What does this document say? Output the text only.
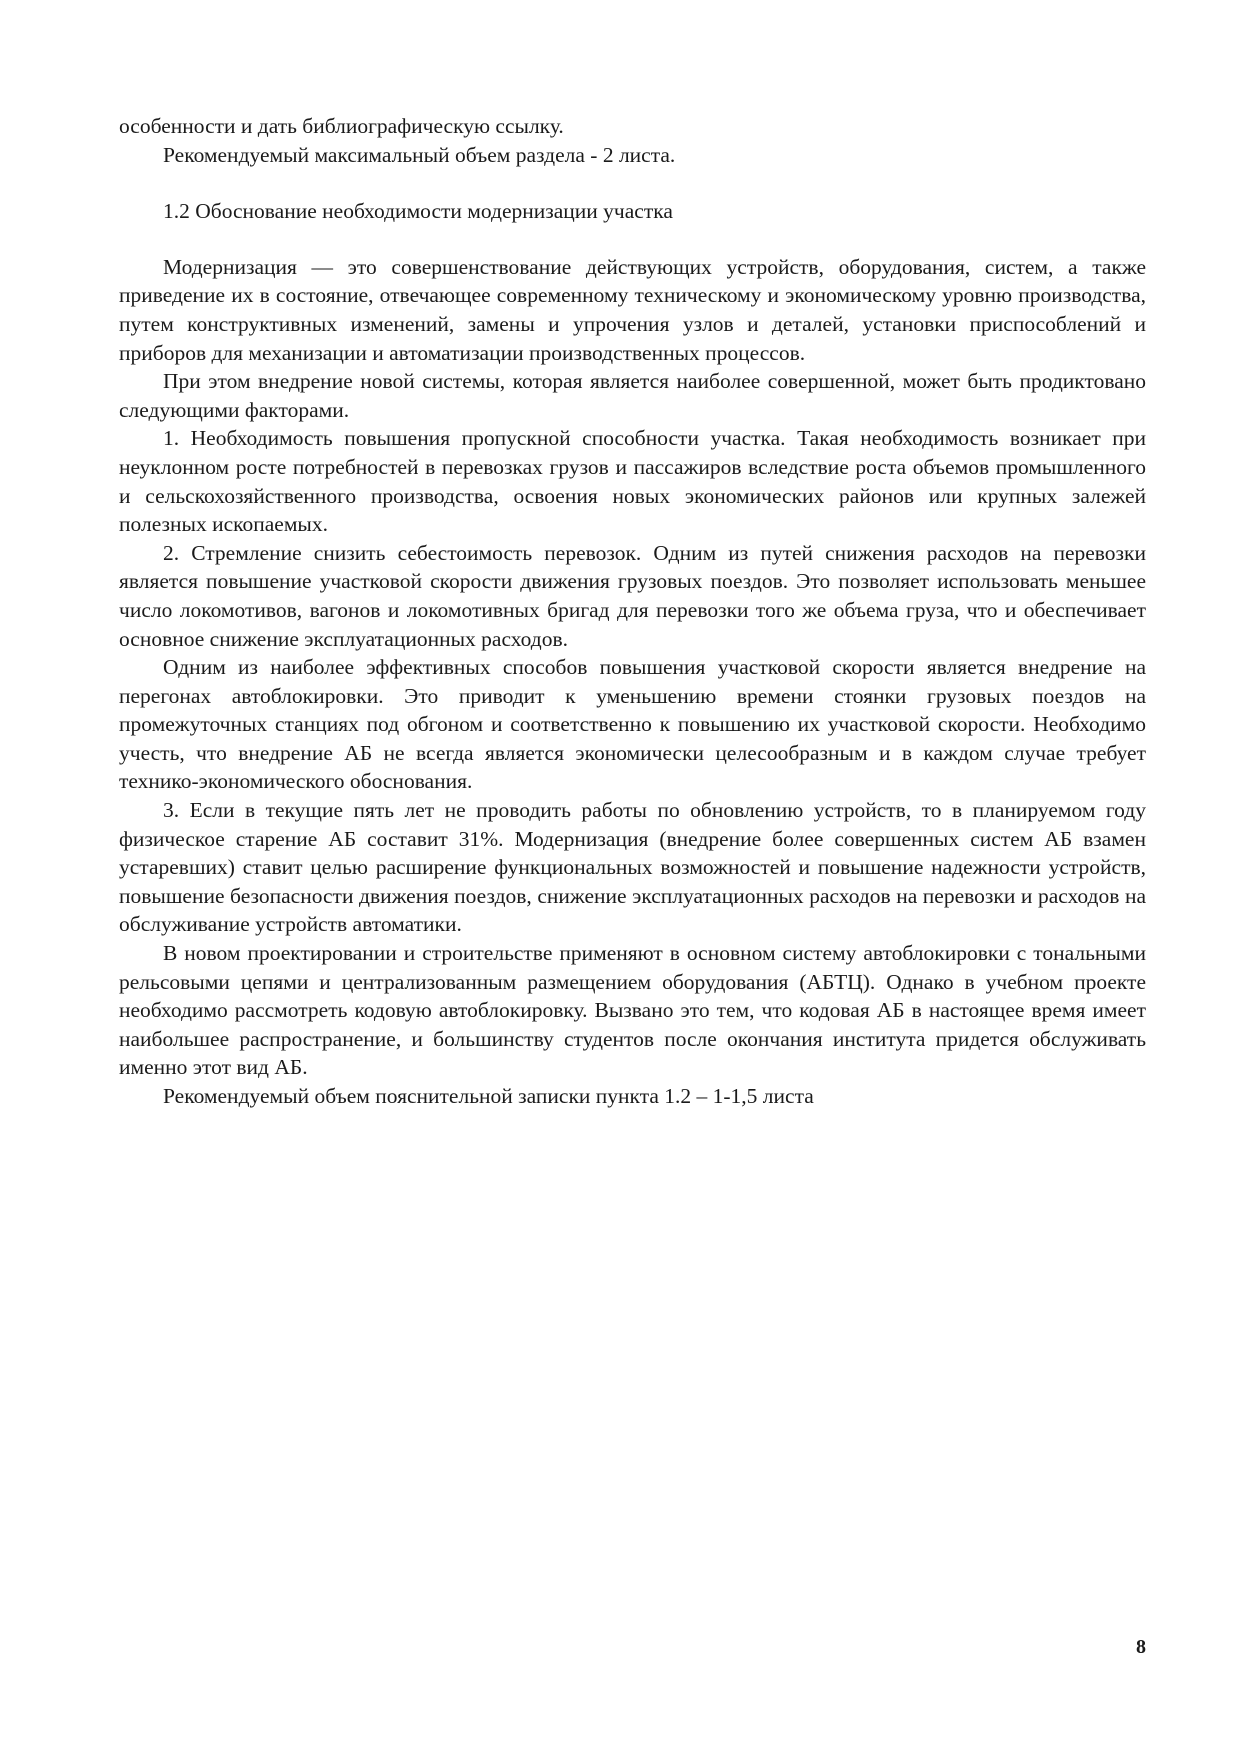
особенности и дать библиографическую ссылку.

Рекомендуемый максимальный объем раздела - 2 листа.

1.2 Обоснование необходимости модернизации участка

Модернизация — это совершенствование действующих устройств, оборудования, систем, а также приведение их в состояние, отвечающее современному техническому и экономическому уровню производства, путем конструктивных изменений, замены и упрочения узлов и деталей, установки приспособлений и приборов для механизации и автоматизации производственных процессов.

При этом внедрение новой системы, которая является наиболее совершенной, может быть продиктовано следующими факторами.

1. Необходимость повышения пропускной способности участка. Такая необходимость возникает при неуклонном росте потребностей в перевозках грузов и пассажиров вследствие роста объемов промышленного и сельскохозяйственного производства, освоения новых экономических районов или крупных залежей полезных ископаемых.

2. Стремление снизить себестоимость перевозок. Одним из путей снижения расходов на перевозки является повышение участковой скорости движения грузовых поездов. Это позволяет использовать меньшее число локомотивов, вагонов и локомотивных бригад для перевозки того же объема груза, что и обеспечивает основное снижение эксплуатационных расходов.

Одним из наиболее эффективных способов повышения участковой скорости является внедрение на перегонах автоблокировки. Это приводит к уменьшению времени стоянки грузовых поездов на промежуточных станциях под обгоном и соответственно к повышению их участковой скорости. Необходимо учесть, что внедрение АБ не всегда является экономически целесообразным и в каждом случае требует технико-экономического обоснования.

3. Если в текущие пять лет не проводить работы по обновлению устройств, то в планируемом году физическое старение АБ составит 31%. Модернизация (внедрение более совершенных систем АБ взамен устаревших) ставит целью расширение функциональных возможностей и повышение надежности устройств, повышение безопасности движения поездов, снижение эксплуатационных расходов на перевозки и расходов на обслуживание устройств автоматики.

В новом проектировании и строительстве применяют в основном систему автоблокировки с тональными рельсовыми цепями и централизованным размещением оборудования (АБТЦ). Однако в учебном проекте необходимо рассмотреть кодовую автоблокировку. Вызвано это тем, что кодовая АБ в настоящее время имеет наибольшее распространение, и большинству студентов после окончания института придется обслуживать именно этот вид АБ.

Рекомендуемый объем пояснительной записки пункта 1.2 – 1-1,5 листа

8
